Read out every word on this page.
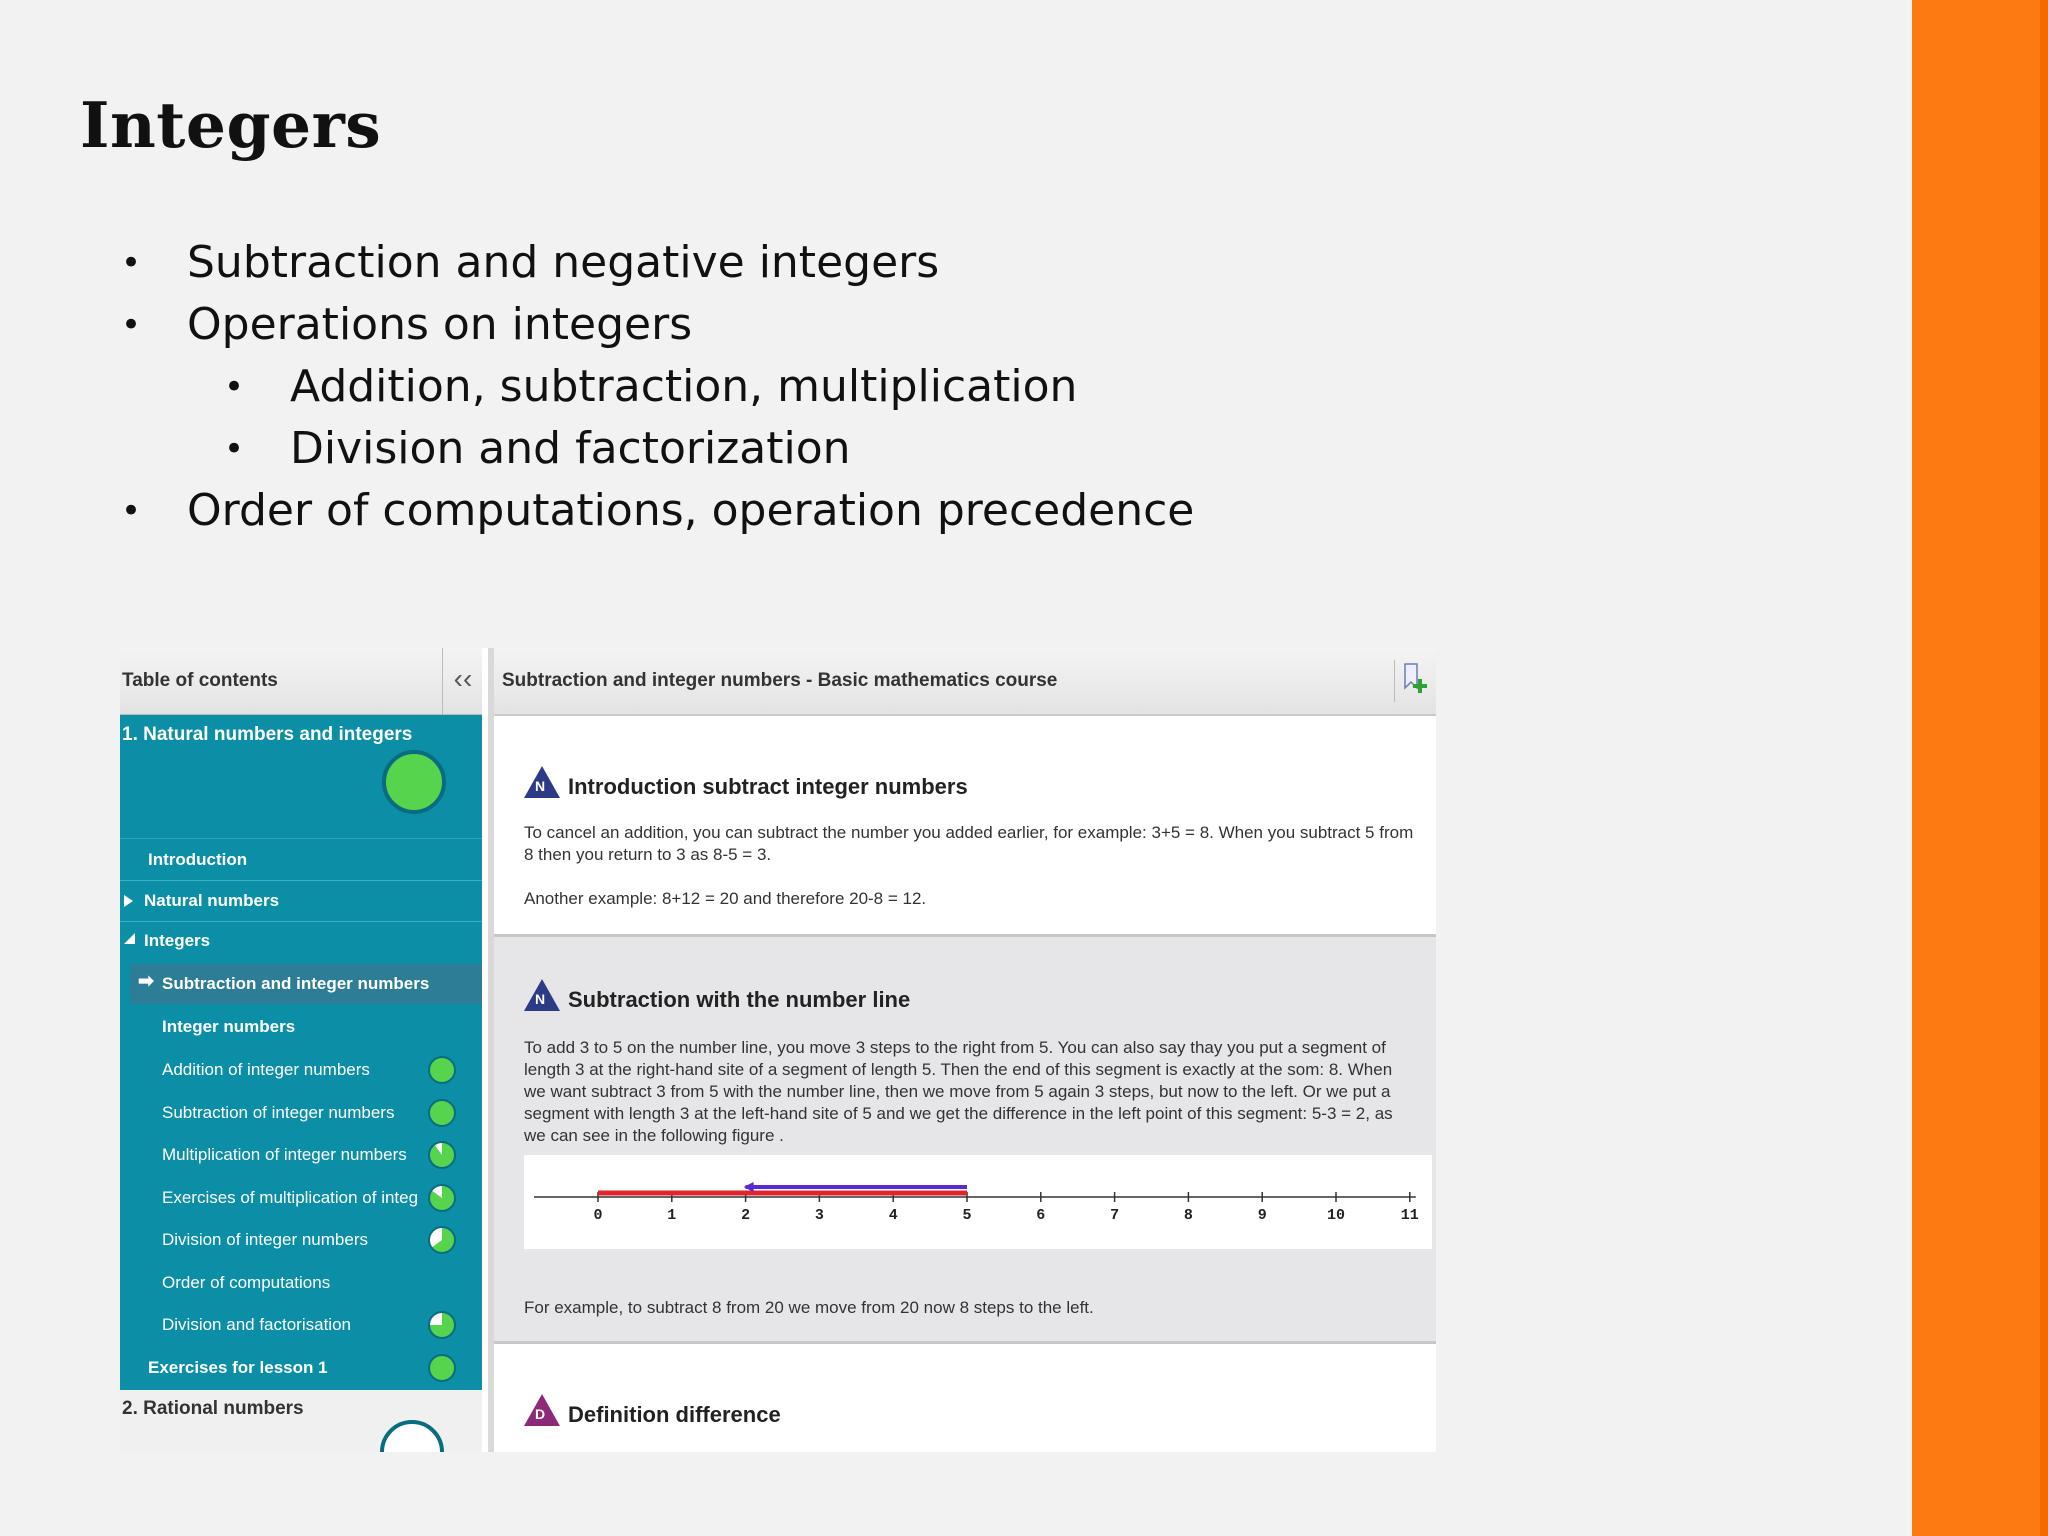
Integers
• Subtraction and negative integers
• Operations on integers
• Addition, subtraction, multiplication
• Division and factorization
• Order of computations, operation precedence
Table of contents	‹‹
1. Natural numbers and integers
Introduction
Natural numbers
Integers
➡ Subtraction and integer numbers
Integer numbers
Addition of integer numbers
Subtraction of integer numbers
Multiplication of integer numbers
Exercises of multiplication of integ
Division of integer numbers
Order of computations
Division and factorisation
Exercises for lesson 1
2. Rational numbers
Subtraction and integer numbers - Basic mathematics course
N Introduction subtract integer numbers

To cancel an addition, you can subtract the number you added earlier, for example: 3+5 = 8. When you subtract 5 from 8 then you return to 3 as 8-5 = 3.

Another example: 8+12 = 20 and therefore 20-8 = 12.

N Subtraction with the number line

To add 3 to 5 on the number line, you move 3 steps to the right from 5. You can also say thay you put a segment of length 3 at the right-hand site of a segment of length 5. Then the end of this segment is exactly at the som: 8. When we want subtract 3 from 5 with the number line, then we move from 5 again 3 steps, but now to the left. Or we put a segment with length 3 at the left-hand site of 5 and we get the difference in the left point of this segment: 5-3 = 2, as we can see in the following figure .

0	1	2	3	4	5	6	7	8	9	10	11

For example, to subtract 8 from 20 we move from 20 now 8 steps to the left.

D Definition difference
